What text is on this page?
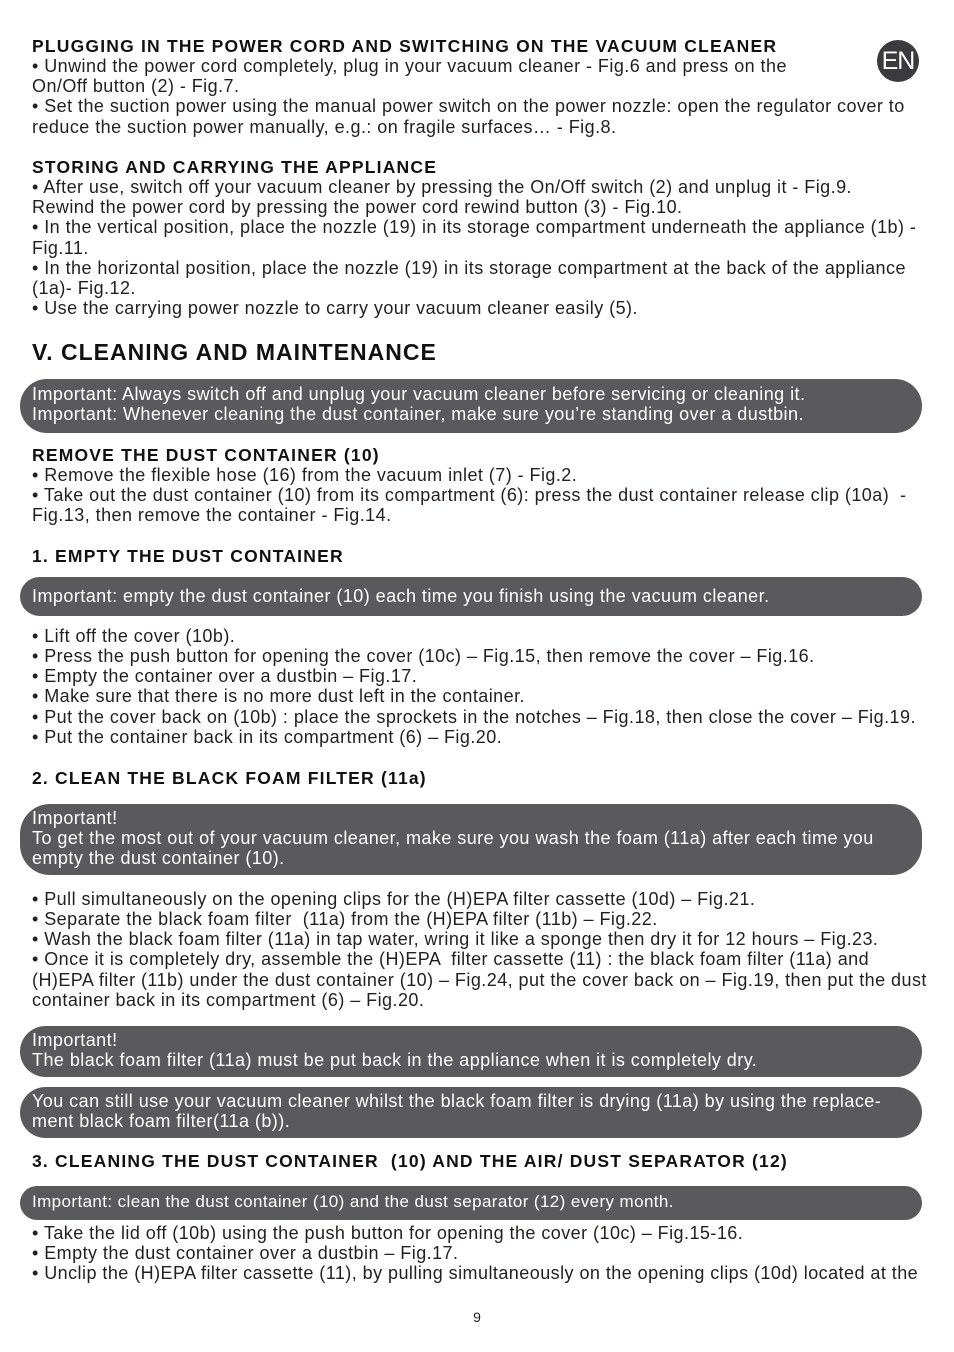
EN
PLUGGING IN THE POWER CORD AND SWITCHING ON THE VACUUM CLEANER
• Unwind the power cord completely, plug in your vacuum cleaner - Fig.6 and press on the
On/Off button (2) - Fig.7.
• Set the suction power using the manual power switch on the power nozzle: open the regulator cover to
reduce the suction power manually, e.g.: on fragile surfaces… - Fig.8.
STORING AND CARRYING THE APPLIANCE
• After use, switch off your vacuum cleaner by pressing the On/Off switch (2) and unplug it - Fig.9.
Rewind the power cord by pressing the power cord rewind button (3) - Fig.10.
• In the vertical position, place the nozzle (19) in its storage compartment underneath the appliance (1b) -
Fig.11.
• In the horizontal position, place the nozzle (19) in its storage compartment at the back of the appliance
(1a)- Fig.12.
• Use the carrying power nozzle to carry your vacuum cleaner easily (5).
V. CLEANING AND MAINTENANCE
Important: Always switch off and unplug your vacuum cleaner before servicing or cleaning it.
Important: Whenever cleaning the dust container, make sure you’re standing over a dustbin.
REMOVE THE DUST CONTAINER (10)
• Remove the flexible hose (16) from the vacuum inlet (7) - Fig.2.
• Take out the dust container (10) from its compartment (6): press the dust container release clip (10a)  -
Fig.13, then remove the container - Fig.14.
1. EMPTY THE DUST CONTAINER
Important: empty the dust container (10) each time you finish using the vacuum cleaner.
• Lift off the cover (10b).
• Press the push button for opening the cover (10c) – Fig.15, then remove the cover – Fig.16.
• Empty the container over a dustbin – Fig.17.
• Make sure that there is no more dust left in the container.
• Put the cover back on (10b) : place the sprockets in the notches – Fig.18, then close the cover – Fig.19.
• Put the container back in its compartment (6) – Fig.20.
2. CLEAN THE BLACK FOAM FILTER (11a)
Important!
To get the most out of your vacuum cleaner, make sure you wash the foam (11a) after each time you
empty the dust container (10).
• Pull simultaneously on the opening clips for the (H)EPA filter cassette (10d) – Fig.21.
• Separate the black foam filter  (11a) from the (H)EPA filter (11b) – Fig.22.
• Wash the black foam filter (11a) in tap water, wring it like a sponge then dry it for 12 hours – Fig.23.
• Once it is completely dry, assemble the (H)EPA  filter cassette (11) : the black foam filter (11a) and
(H)EPA filter (11b) under the dust container (10) – Fig.24, put the cover back on – Fig.19, then put the dust
container back in its compartment (6) – Fig.20.
Important!
The black foam filter (11a) must be put back in the appliance when it is completely dry.
You can still use your vacuum cleaner whilst the black foam filter is drying (11a) by using the replace-
ment black foam filter(11a (b)).
3. CLEANING THE DUST CONTAINER  (10) AND THE AIR/ DUST SEPARATOR (12)
Important: clean the dust container (10) and the dust separator (12) every month.
• Take the lid off (10b) using the push button for opening the cover (10c) – Fig.15-16.
• Empty the dust container over a dustbin – Fig.17.
• Unclip the (H)EPA filter cassette (11), by pulling simultaneously on the opening clips (10d) located at the
9
